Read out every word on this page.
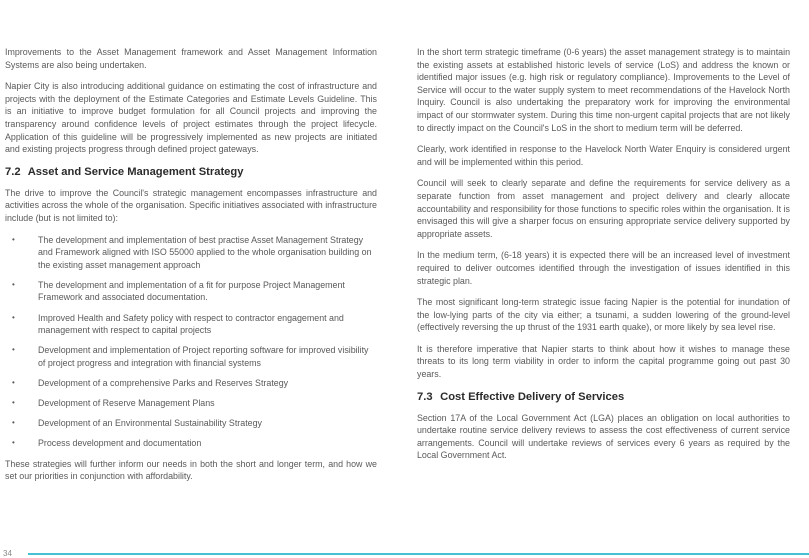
Improvements to the Asset Management framework and Asset Management Information Systems are also being undertaken.

Napier City is also introducing additional guidance on estimating the cost of infrastructure and projects with the deployment of the Estimate Categories and Estimate Levels Guideline. This is an initiative to improve budget formulation for all Council projects and improving the transparency around confidence levels of project estimates through the project lifecycle. Application of this guideline will be progressively implemented as new projects are initiated and existing projects progress through defined project gateways.

7.2 Asset and Service Management Strategy

The drive to improve the Council's strategic management encompasses infrastructure and activities across the whole of the organisation. Specific initiatives associated with infrastructure include (but is not limited to):

•	The development and implementation of best practise Asset Management Strategy and Framework aligned with ISO 55000 applied to the whole organisation building on the existing asset management approach
•	The development and implementation of a fit for purpose Project Management Framework and associated documentation.
•	Improved Health and Safety policy with respect to contractor engagement and management with respect to capital projects
•	Development and implementation of Project reporting software for improved visibility of project progress and integration with financial systems
•	Development of a comprehensive Parks and Reserves Strategy
•	Development of Reserve Management Plans
•	Development of an Environmental Sustainability Strategy
•	Process development and documentation

These strategies will further inform our needs in both the short and longer term, and how we set our priorities in conjunction with affordability.

In the short term strategic timeframe (0-6 years) the asset management strategy is to maintain the existing assets at established historic levels of service (LoS) and address the known or identified major issues (e.g. high risk or regulatory compliance). Improvements to the Level of Service will occur to the water supply system to meet recommendations of the Havelock North Inquiry. Council is also undertaking the preparatory work for improving the environmental impact of our stormwater system. During this time non-urgent capital projects that are not likely to directly impact on the Council's LoS in the short to medium term will be deferred.

Clearly, work identified in response to the Havelock North Water Enquiry is considered urgent and will be implemented within this period.

Council will seek to clearly separate and define the requirements for service delivery as a separate function from asset management and project delivery and clearly allocate accountability and responsibility for those functions to specific roles within the organisation. It is envisaged this will give a sharper focus on ensuring appropriate service delivery supported by appropriate assets.

In the medium term, (6-18 years) it is expected there will be an increased level of investment required to deliver outcomes identified through the investigation of issues identified in this strategic plan.

The most significant long-term strategic issue facing Napier is the potential for inundation of the low-lying parts of the city via either; a tsunami, a sudden lowering of the ground-level (effectively reversing the up thrust of the 1931 earth quake), or more likely by sea level rise.

It is therefore imperative that Napier starts to think about how it wishes to manage these threats to its long term viability in order to inform the capital programme going out past 30 years.

7.3 Cost Effective Delivery of Services

Section 17A of the Local Government Act (LGA) places an obligation on local authorities to undertake routine service delivery reviews to assess the cost effectiveness of current service arrangements. Council will undertake reviews of services every 6 years as required by the Local Government Act.

34
